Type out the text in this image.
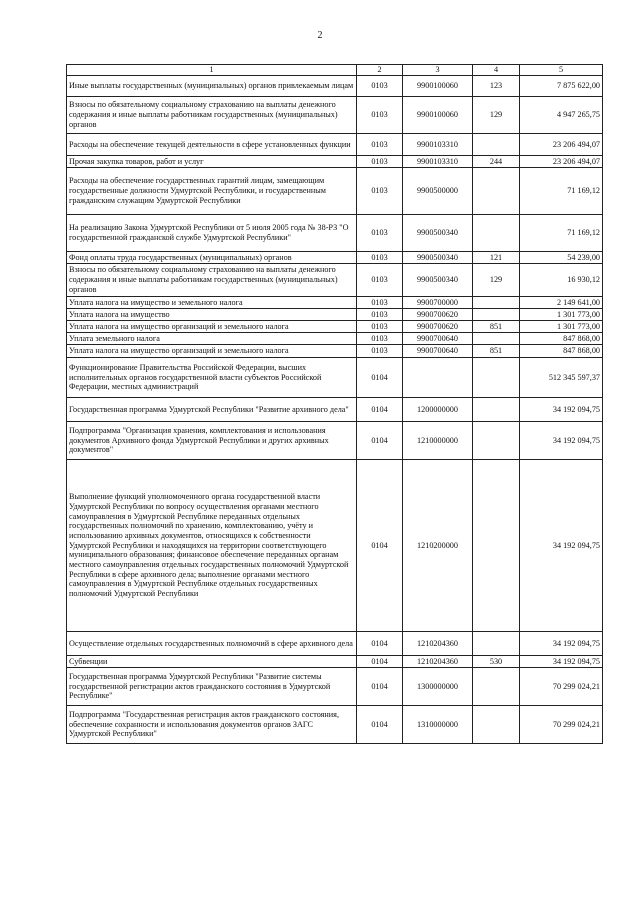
2
1	2	3	4	5
Иные выплаты государственных (муниципальных) органов привлекаемым лицам	0103	9900100060	123	7 875 622,00
Взносы по обязательному социальному страхованию на выплаты денежного содержания и иные выплаты работникам государственных (муниципальных) органов	0103	9900100060	129	4 947 265,75
Расходы на обеспечение текущей деятельности в сфере установленных функции	0103	9900103310		23 206 494,07
Прочая закупка товаров, работ и услуг	0103	9900103310	244	23 206 494,07
Расходы на обеспечение государственных гарантий лицам, замещающим государственные должности Удмуртской Республики, и государственным гражданским служащим Удмуртской Республики	0103	9900500000		71 169,12
На реализацию Закона Удмуртской Республики от 5 июля 2005 года № 38-РЗ "О государственной гражданской службе Удмуртской Республики"	0103	9900500340		71 169,12
Фонд оплаты труда государственных (муниципальных) органов	0103	9900500340	121	54 239,00
Взносы по обязательному социальному страхованию на выплаты денежного содержания и иные выплаты работникам государственных (муниципальных) органов	0103	9900500340	129	16 930,12
Уплата налога на имущество и земельного налога	0103	9900700000		2 149 641,00
Уплата налога на имущество	0103	9900700620		1 301 773,00
Уплата налога на имущество организаций и земельного налога	0103	9900700620	851	1 301 773,00
Уплата земельного налога	0103	9900700640		847 868,00
Уплата налога на имущество организаций и земельного налога	0103	9900700640	851	847 868,00
Функционирование Правительства Российской Федерации, высших исполнительных органов государственной власти субъектов Российской Федерации, местных администраций	0104			512 345 597,37
Государственная программа Удмуртской Республики "Развитие архивного дела"	0104	1200000000		34 192 094,75
Подпрограмма "Организация хранения, комплектования и использования документов Архивного фонда Удмуртской Республики и других архивных документов"	0104	1210000000		34 192 094,75
Выполнение функций уполномоченного органа государственной власти Удмуртской Республики по вопросу осуществления органами местного самоуправления в Удмуртской Республике переданных отдельных государственных полномочий по хранению, комплектованию, учёту и использованию архивных документов, относящихся к собственности Удмуртской Республики и находящихся на территории соответствующего муниципального образования; финансовое обеспечение переданных органам местного самоуправления отдельных государственных полномочий Удмуртской Республики в сфере архивного дела; выполнение органами местного самоуправления в Удмуртской Республике отдельных государственных полномочий Удмуртской Республики	0104	1210200000		34 192 094,75
Осуществление отдельных государственных полномочий в сфере архивного дела	0104	1210204360		34 192 094,75
Субвенции	0104	1210204360	530	34 192 094,75
Государственная программа Удмуртской Республики "Развитие системы государственной регистрации актов гражданского состояния в Удмуртской Республике"	0104	1300000000		70 299 024,21
Подпрограмма "Государственная регистрация актов гражданского состояния, обеспечение сохранности и использования документов органов ЗАГС Удмуртской Республики"	0104	1310000000		70 299 024,21
